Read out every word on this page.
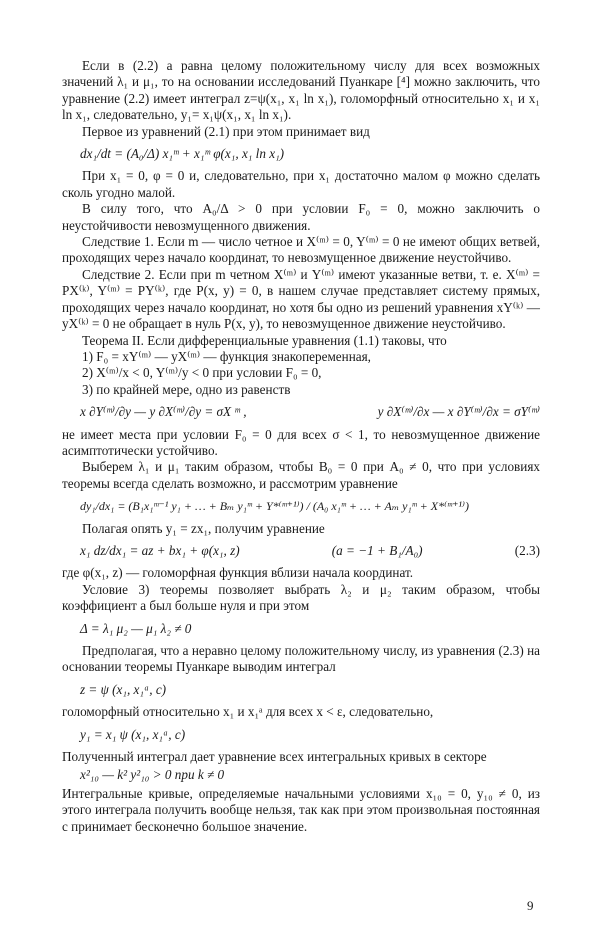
Если в (2.2) a равна целому положительному числу для всех возможных значений λ₁ и μ₁, то на основании исследований Пуанкаре [⁴] можно заключить, что уравнение (2.2) имеет интеграл z=ψ(x₁, x₁ ln x₁), голоморфный относительно x₁ и x₁ ln x₁, следовательно, y₁= x₁ψ(x₁, x₁ ln x₁).

Первое из уравнений (2.1) при этом принимает вид

dx₁/dt = (A₀/Δ) x₁ᵐ + x₁ᵐ φ(x₁, x₁ ln x₁)

При x₁ = 0, φ = 0 и, следовательно, при x₁ достаточно малом φ можно сделать сколь угодно малой.

В силу того, что A₀/Δ > 0 при условии F₀ = 0, можно заключить о неустойчивости невозмущенного движения.

Следствие 1. Если m — число четное и X⁽ᵐ⁾ = 0, Y⁽ᵐ⁾ = 0 не имеют общих ветвей, проходящих через начало координат, то невозмущенное движение неустойчиво.

Следствие 2. Если при m четном X⁽ᵐ⁾ и Y⁽ᵐ⁾ имеют указанные ветви, т. е. X⁽ᵐ⁾ = PX⁽ᵏ⁾, Y⁽ᵐ⁾ = PY⁽ᵏ⁾, где P(x, y) = 0, в нашем случае представляет систему прямых, проходящих через начало координат, но хотя бы одно из решений уравнения xY⁽ᵏ⁾ — yX⁽ᵏ⁾ = 0 не обращает в нуль P(x, y), то невозмущенное движение неустойчиво.

Теорема II. Если дифференциальные уравнения (1.1) таковы, что

1) F₀ = xY⁽ᵐ⁾ — yX⁽ᵐ⁾ — функция знакопеременная,

2) X⁽ᵐ⁾/x < 0, Y⁽ᵐ⁾/y < 0 при условии F₀ = 0,

3) по крайней мере, одно из равенств

x ∂Y⁽ᵐ⁾/∂y — y ∂X⁽ᵐ⁾/∂y = σX ᵐ ,	y ∂X⁽ᵐ⁾/∂x — x ∂Y⁽ᵐ⁾/∂x = σY⁽ᵐ⁾

не имеет места при условии F₀ = 0 для всех σ < 1, то невозмущенное движение асимптотически устойчиво.

Выберем λ₁ и μ₁ таким образом, чтобы B₀ = 0 при A₀ ≠ 0, что при условиях теоремы всегда сделать возможно, и рассмотрим уравнение

dy₁/dx₁ = (B₁x₁ᵐ⁻¹ y₁ + … + Bₘ y₁ᵐ + Y*⁽ᵐ⁺¹⁾) / (A₀ x₁ᵐ + … + Aₘ y₁ᵐ + X*⁽ᵐ⁺¹⁾)

Полагая опять y₁ = zx₁, получим уравнение

x₁ dz/dx₁ = az + bx₁ + φ(x₁, z)	(a = −1 + B₁/A₀)	(2.3)

где φ(x₁, z) — голоморфная функция вблизи начала координат.

Условие 3) теоремы позволяет выбрать λ₂ и μ₂ таким образом, чтобы коэффициент a был больше нуля и при этом

Δ = λ₁ μ₂ — μ₁ λ₂ ≠ 0

Предполагая, что a неравно целому положительному числу, из уравнения (2.3) на основании теоремы Пуанкаре выводим интеграл

z = ψ (x₁, x₁ᵃ, c)

голоморфный относительно x₁ и x₁ᵃ для всех x < ε, следовательно,

y₁ = x₁ ψ (x₁, x₁ᵃ, c)

Полученный интеграл дает уравнение всех интегральных кривых в секторе

x²₁₀ — k² y²₁₀ > 0 при k ≠ 0

Интегральные кривые, определяемые начальными условиями x₁₀ = 0, y₁₀ ≠ 0, из этого интеграла получить вообще нельзя, так как при этом произвольная постоянная c принимает бесконечно большое значение.

9
